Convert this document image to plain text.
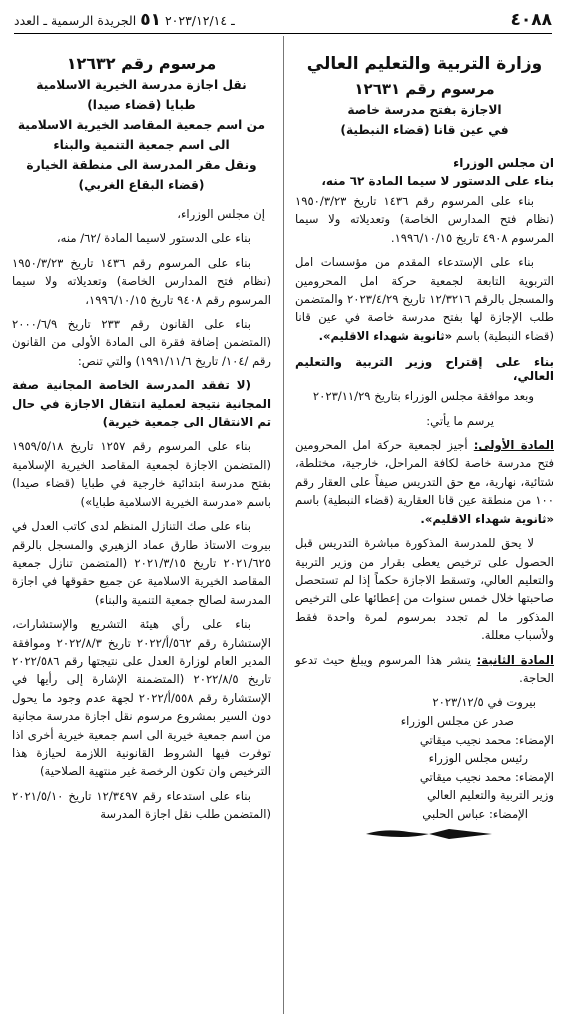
ـ ٢٠٢٣/١٢/١٤ ٥١ الجريدة الرسمية ـ العدد	٤٠٨٨
وزارة التربية والتعليم العالي
مرسوم رقم ١٢٦٣١
الاجازة بفتح مدرسة خاصة
في عين قانا (قضاء النبطية)
ان مجلس الوزراء
بناء على الدستور لا سيما المادة ٦٢ منه،

بناء على المرسوم رقم ١٤٣٦ تاريخ ١٩٥٠/٣/٢٣ (نظام فتح المدارس الخاصة) وتعديلاته ولا سيما المرسوم ٤٩٠٨ تاريخ ١٩٩٦/١٠/١٥.

بناء على الإستدعاء المقدم من مؤسسات امل التربوية التابعة لجمعية حركة امل المحرومين والمسجل بالرقم ١٢/٣٢١٦ تاريخ ٢٠٢٣/٤/٢٩ والمتضمن طلب الإجازة لها بفتح مدرسة خاصة في عين قانا (قضاء النبطية) باسم «ثانوية شهداء الاقليم».

بناء على إقتراح وزير التربية والتعليم العالي،

وبعد موافقة مجلس الوزراء بتاريخ ٢٠٢٣/١١/٢٩

يرسم ما يأتي:

المادة الأولى: أجيز لجمعية حركة امل المحرومين فتح مدرسة خاصة لكافة المراحل، خارجية، مختلطة، شتائية، نهارية، مع حق التدريس صيفاً على العقار رقم ١٠٠ من منطقة عين قانا العقارية (قضاء النبطية) باسم «ثانوية شهداء الاقليم».

لا يحق للمدرسة المذكورة مباشرة التدريس قبل الحصول على ترخيص يعطى بقرار من وزير التربية والتعليم العالي، وتسقط الاجازة حكماً إذا لم تستحصل صاحبتها خلال خمس سنوات من إعطائها على الترخيص المذكور ما لم تجدد بمرسوم لمرة واحدة فقط ولأسباب معللة.

المادة الثانية: ينشر هذا المرسوم ويبلغ حيث تدعو الحاجة.

بيروت في ٢٠٢٣/١٢/٥

صدر عن مجلس الوزراء

الإمضاء: محمد نجيب ميقاتي

رئيس مجلس الوزراء

الإمضاء: محمد نجيب ميقاتي

وزير التربية والتعليم العالي

الإمضاء: عباس الحلبي

مرسوم رقم ١٢٦٣٢
نقل اجازة مدرسة الخيرية الاسلامية
طبايا (قضاء صيدا)
من اسم جمعية المقاصد الخيرية الاسلامية
الى اسم جمعية التنمية والبناء
ونقل مقر المدرسة الى منطقة الخيارة
(قضاء البقاع الغربي)

إن مجلس الوزراء،

بناء على الدستور لاسيما المادة /٦٢/ منه،

بناء على المرسوم رقم ١٤٣٦ تاريخ ١٩٥٠/٣/٢٣ (نظام فتح المدارس الخاصة) وتعديلاته ولا سيما المرسوم رقم ٩٤٠٨ تاريخ ١٩٩٦/١٠/١٥،

بناء على القانون رقم ٢٣٣ تاريخ ٢٠٠٠/٦/٩ (المتضمن إضافة فقرة الى المادة الأولى من القانون رقم /١٠٤/ تاريخ ١٩٩١/١١/٦) والتي تنص:

(لا تفقد المدرسة الخاصة المجانية صفة المجانية نتيجة لعملية انتقال الاجازة في حال تم الانتقال الى جمعية خيرية)

بناء على المرسوم رقم ١٢٥٧ تاريخ ١٩٥٩/٥/١٨ (المتضمن الاجازة لجمعية المقاصد الخيرية الإسلامية بفتح مدرسة ابتدائية خارجية في طبايا (قضاء صيدا) باسم «مدرسة الخيرية الاسلامية طبايا»)

بناء على صك التنازل المنظم لدى كاتب العدل في بيروت الاستاذ طارق عماد الزهيري والمسجل بالرقم ٢٠٢١/٦٢٥ تاريخ ٢٠٢١/٣/١٥ (المتضمن تنازل جمعية المقاصد الخيرية الاسلامية عن جميع حقوقها في اجازة المدرسة لصالح جمعية التنمية والبناء)

بناء على رأي هيئة التشريع والإستشارات، الإستشارة رقم ٥٦٢/أ/٢٠٢٢ تاريخ ٢٠٢٢/٨/٣ وموافقة المدير العام لوزارة العدل على نتيجتها رقم ٢٠٢٢/٥٨٦ تاريخ ٢٠٢٢/٨/٥ (المتضمنة الإشارة إلى رأيها في الإستشارة رقم ٥٥٨/أ/٢٠٢٢ لجهة عدم وجود ما يحول دون السير بمشروع مرسوم نقل اجازة مدرسة مجانية من اسم جمعية خيرية الى اسم جمعية خيرية أخرى اذا توفرت فيها الشروط القانونية اللازمة لحيازة هذا الترخيص وان تكون الرخصة غير منتهية الصلاحية)

بناء على استدعاء رقم ١٢/٣٤٩٧ تاريخ ٢٠٢١/٥/١٠ (المتضمن طلب نقل اجازة المدرسة
